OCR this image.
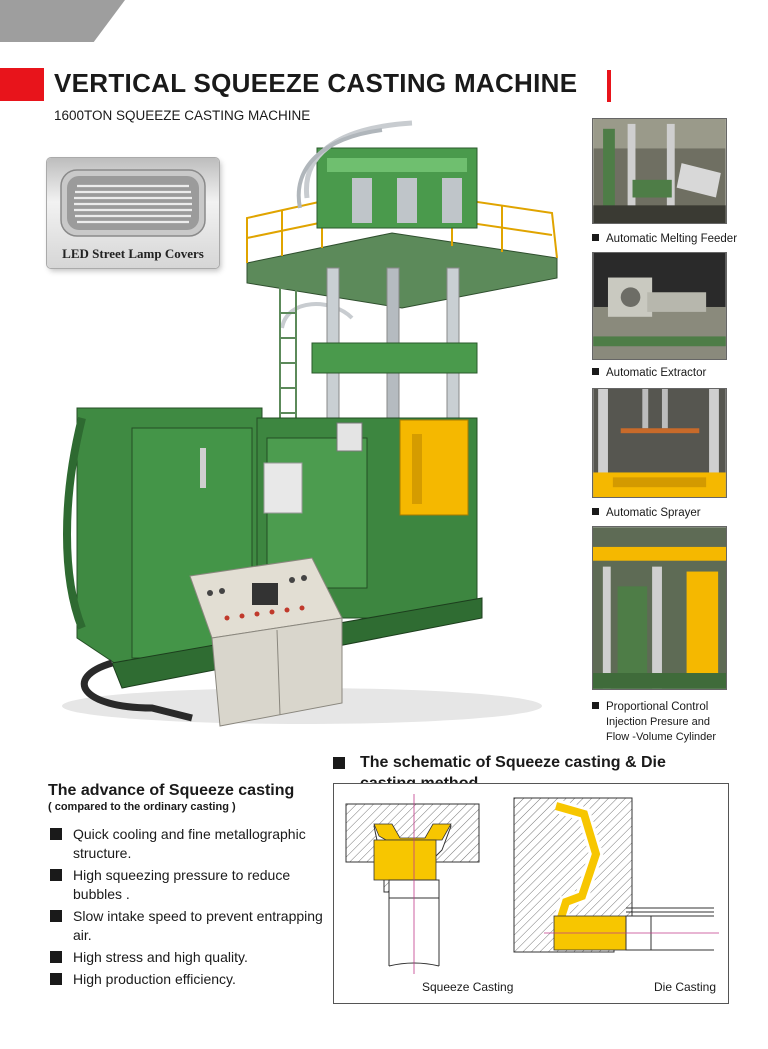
VERTICAL SQUEEZE CASTING MACHINE
1600TON SQUEEZE CASTING MACHINE
LED Street Lamp Covers
Automatic Melting Feeder
Automatic Extractor
Automatic Sprayer
Proportional Control
Injection Presure and Flow -Volume Cylinder
The advance of Squeeze casting
( compared to the ordinary casting )
Quick cooling and fine metallographic structure.
High squeezing pressure to reduce bubbles .
Slow intake speed to prevent entrapping air.
High stress and high quality.
High production efficiency.
The schematic of Squeeze casting & Die
Squeeze Casting	Die Casting
